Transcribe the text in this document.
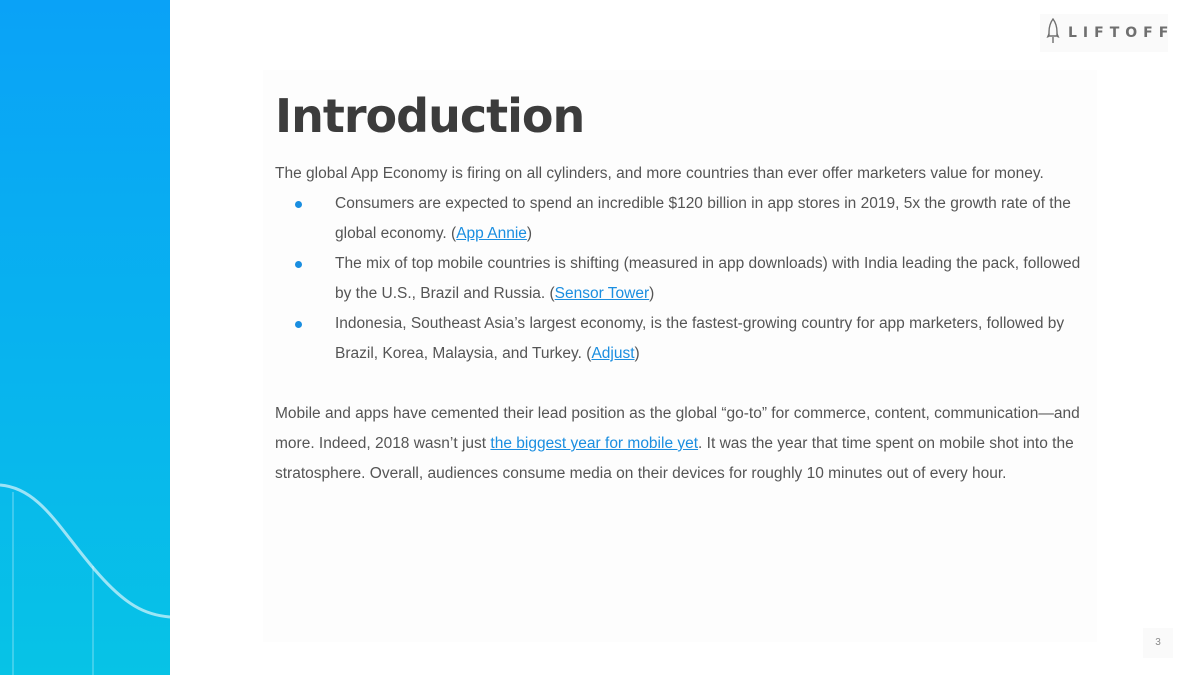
LIFTOFF
Introduction

The global App Economy is firing on all cylinders, and more countries than ever offer marketers value for money.

Consumers are expected to spend an incredible $120 billion in app stores in 2019, 5x the growth rate of the global economy. (App Annie)
The mix of top mobile countries is shifting (measured in app downloads) with India leading the pack, followed by the U.S., Brazil and Russia. (Sensor Tower)
Indonesia, Southeast Asia’s largest economy, is the fastest-growing country for app marketers, followed by Brazil, Korea, Malaysia, and Turkey. (Adjust)

Mobile and apps have cemented their lead position as the global “go-to” for commerce, content, communication—and more. Indeed, 2018 wasn’t just the biggest year for mobile yet. It was the year that time spent on mobile shot into the stratosphere. Overall, audiences consume media on their devices for roughly 10 minutes out of every hour.

3
